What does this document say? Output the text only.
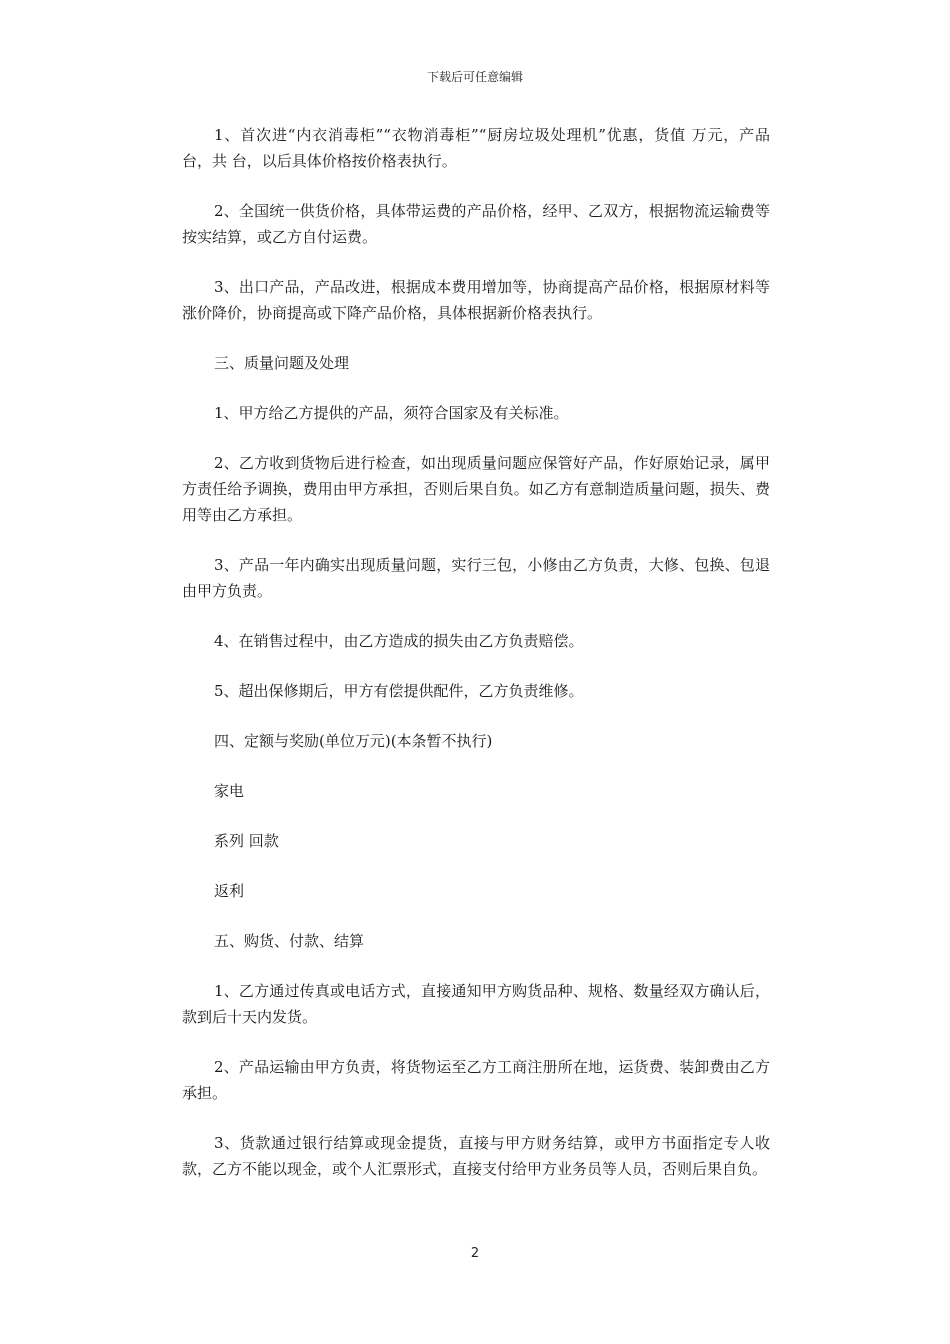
下载后可任意编辑

1、首次进“内衣消毒柜”“衣物消毒柜”“厨房垃圾处理机”优惠，货值 万元，产品 台，共 台，以后具体价格按价格表执行。

2、全国统一供货价格，具体带运费的产品价格，经甲、乙双方，根据物流运输费等按实结算，或乙方自付运费。

3、出口产品，产品改进，根据成本费用增加等，协商提高产品价格，根据原材料等涨价降价，协商提高或下降产品价格，具体根据新价格表执行。

三、质量问题及处理

1、甲方给乙方提供的产品，须符合国家及有关标准。

2、乙方收到货物后进行检查，如出现质量问题应保管好产品，作好原始记录，属甲方责任给予调换，费用由甲方承担，否则后果自负。如乙方有意制造质量问题，损失、费用等由乙方承担。

3、产品一年内确实出现质量问题，实行三包，小修由乙方负责，大修、包换、包退由甲方负责。

4、在销售过程中，由乙方造成的损失由乙方负责赔偿。

5、超出保修期后，甲方有偿提供配件，乙方负责维修。

四、定额与奖励(单位万元)(本条暂不执行)

家电

系列 回款

返利

五、购货、付款、结算

1、乙方通过传真或电话方式，直接通知甲方购货品种、规格、数量经双方确认后，款到后十天内发货。

2、产品运输由甲方负责，将货物运至乙方工商注册所在地，运货费、装卸费由乙方承担。

3、货款通过银行结算或现金提货，直接与甲方财务结算，或甲方书面指定专人收款，乙方不能以现金，或个人汇票形式，直接支付给甲方业务员等人员，否则后果自负。

2
